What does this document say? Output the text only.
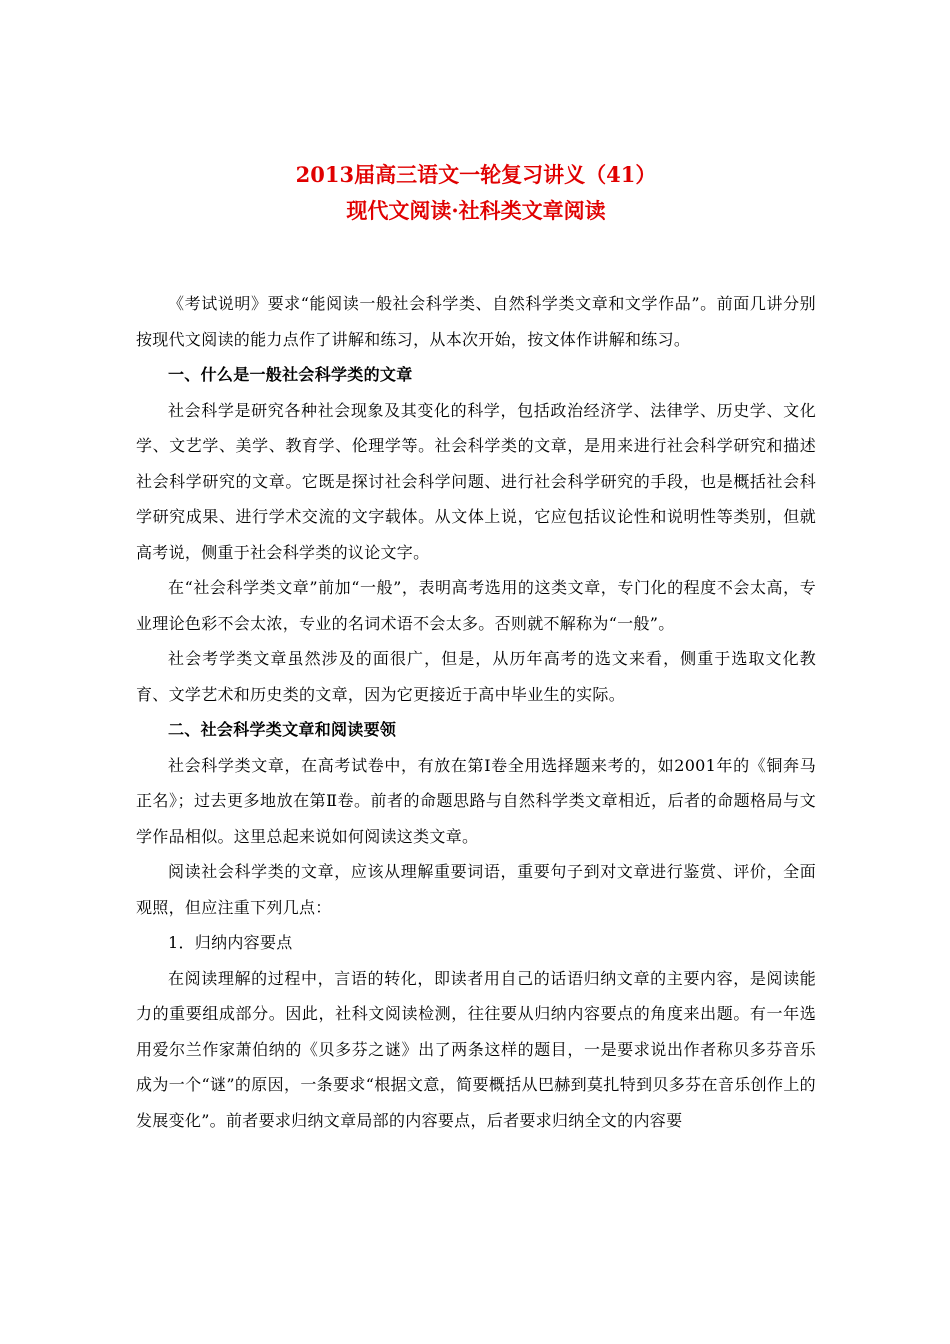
2013届高三语文一轮复习讲义（41）
现代文阅读·社科类文章阅读

《考试说明》要求“能阅读一般社会科学类、自然科学类文章和文学作品”。前面几讲分别按现代文阅读的能力点作了讲解和练习，从本次开始，按文体作讲解和练习。

一、什么是一般社会科学类的文章

社会科学是研究各种社会现象及其变化的科学，包括政治经济学、法律学、历史学、文化学、文艺学、美学、教育学、伦理学等。社会科学类的文章，是用来进行社会科学研究和描述社会科学研究的文章。它既是探讨社会科学问题、进行社会科学研究的手段，也是概括社会科学研究成果、进行学术交流的文字载体。从文体上说，它应包括议论性和说明性等类别，但就高考说，侧重于社会科学类的议论文字。

在“社会科学类文章”前加“一般”，表明高考选用的这类文章，专门化的程度不会太高，专业理论色彩不会太浓，专业的名词术语不会太多。否则就不解称为“一般”。

社会考学类文章虽然涉及的面很广，但是，从历年高考的选文来看，侧重于选取文化教育、文学艺术和历史类的文章，因为它更接近于高中毕业生的实际。

二、社会科学类文章和阅读要领

社会科学类文章，在高考试卷中，有放在第Ⅰ卷全用选择题来考的，如2001年的《铜奔马正名》；过去更多地放在第Ⅱ卷。前者的命题思路与自然科学类文章相近，后者的命题格局与文学作品相似。这里总起来说如何阅读这类文章。

阅读社会科学类的文章，应该从理解重要词语，重要句子到对文章进行鉴赏、评价，全面观照，但应注重下列几点：

1．归纳内容要点

在阅读理解的过程中，言语的转化，即读者用自己的话语归纳文章的主要内容，是阅读能力的重要组成部分。因此，社科文阅读检测，往往要从归纳内容要点的角度来出题。有一年选用爱尔兰作家萧伯纳的《贝多芬之谜》出了两条这样的题目，一是要求说出作者称贝多芬音乐成为一个“谜”的原因，一条要求“根据文意，简要概括从巴赫到莫扎特到贝多芬在音乐创作上的发展变化”。前者要求归纳文章局部的内容要点，后者要求归纳全文的内容要
